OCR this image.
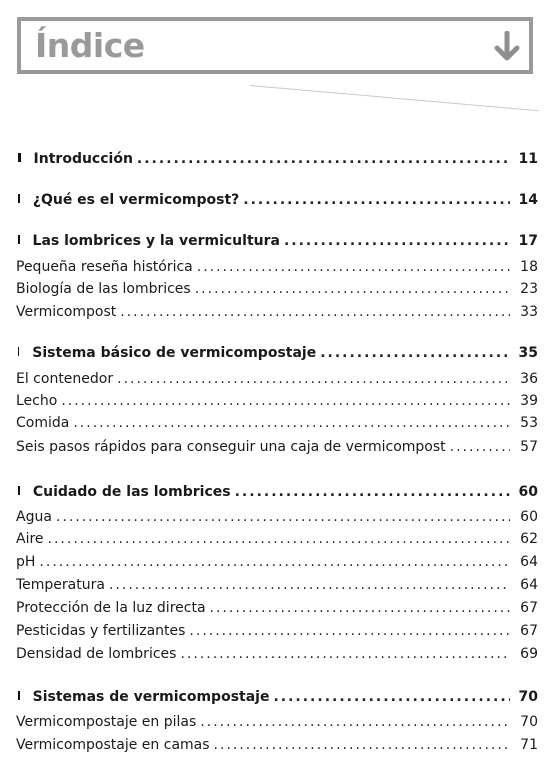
Índice
Introducción .....	11
¿Qué es el vermicompost? .....	14
Las lombrices y la vermicultura .....	17
Pequeña reseña histórica .....	18
Biología de las lombrices .....	23
Vermicompost .....	33
Sistema básico de vermicompostaje .....	35
El contenedor .....	36
Lecho .....	39
Comida .....	53
Seis pasos rápidos para conseguir una caja de vermicompost .....	57
Cuidado de las lombrices .....	60
Agua .....	60
Aire .....	62
pH .....	64
Temperatura .....	64
Protección de la luz directa .....	67
Pesticidas y fertilizantes .....	67
Densidad de lombrices .....	69
Sistemas de vermicompostaje .....	70
Vermicompostaje en pilas .....	70
Vermicompostaje en camas .....	71
